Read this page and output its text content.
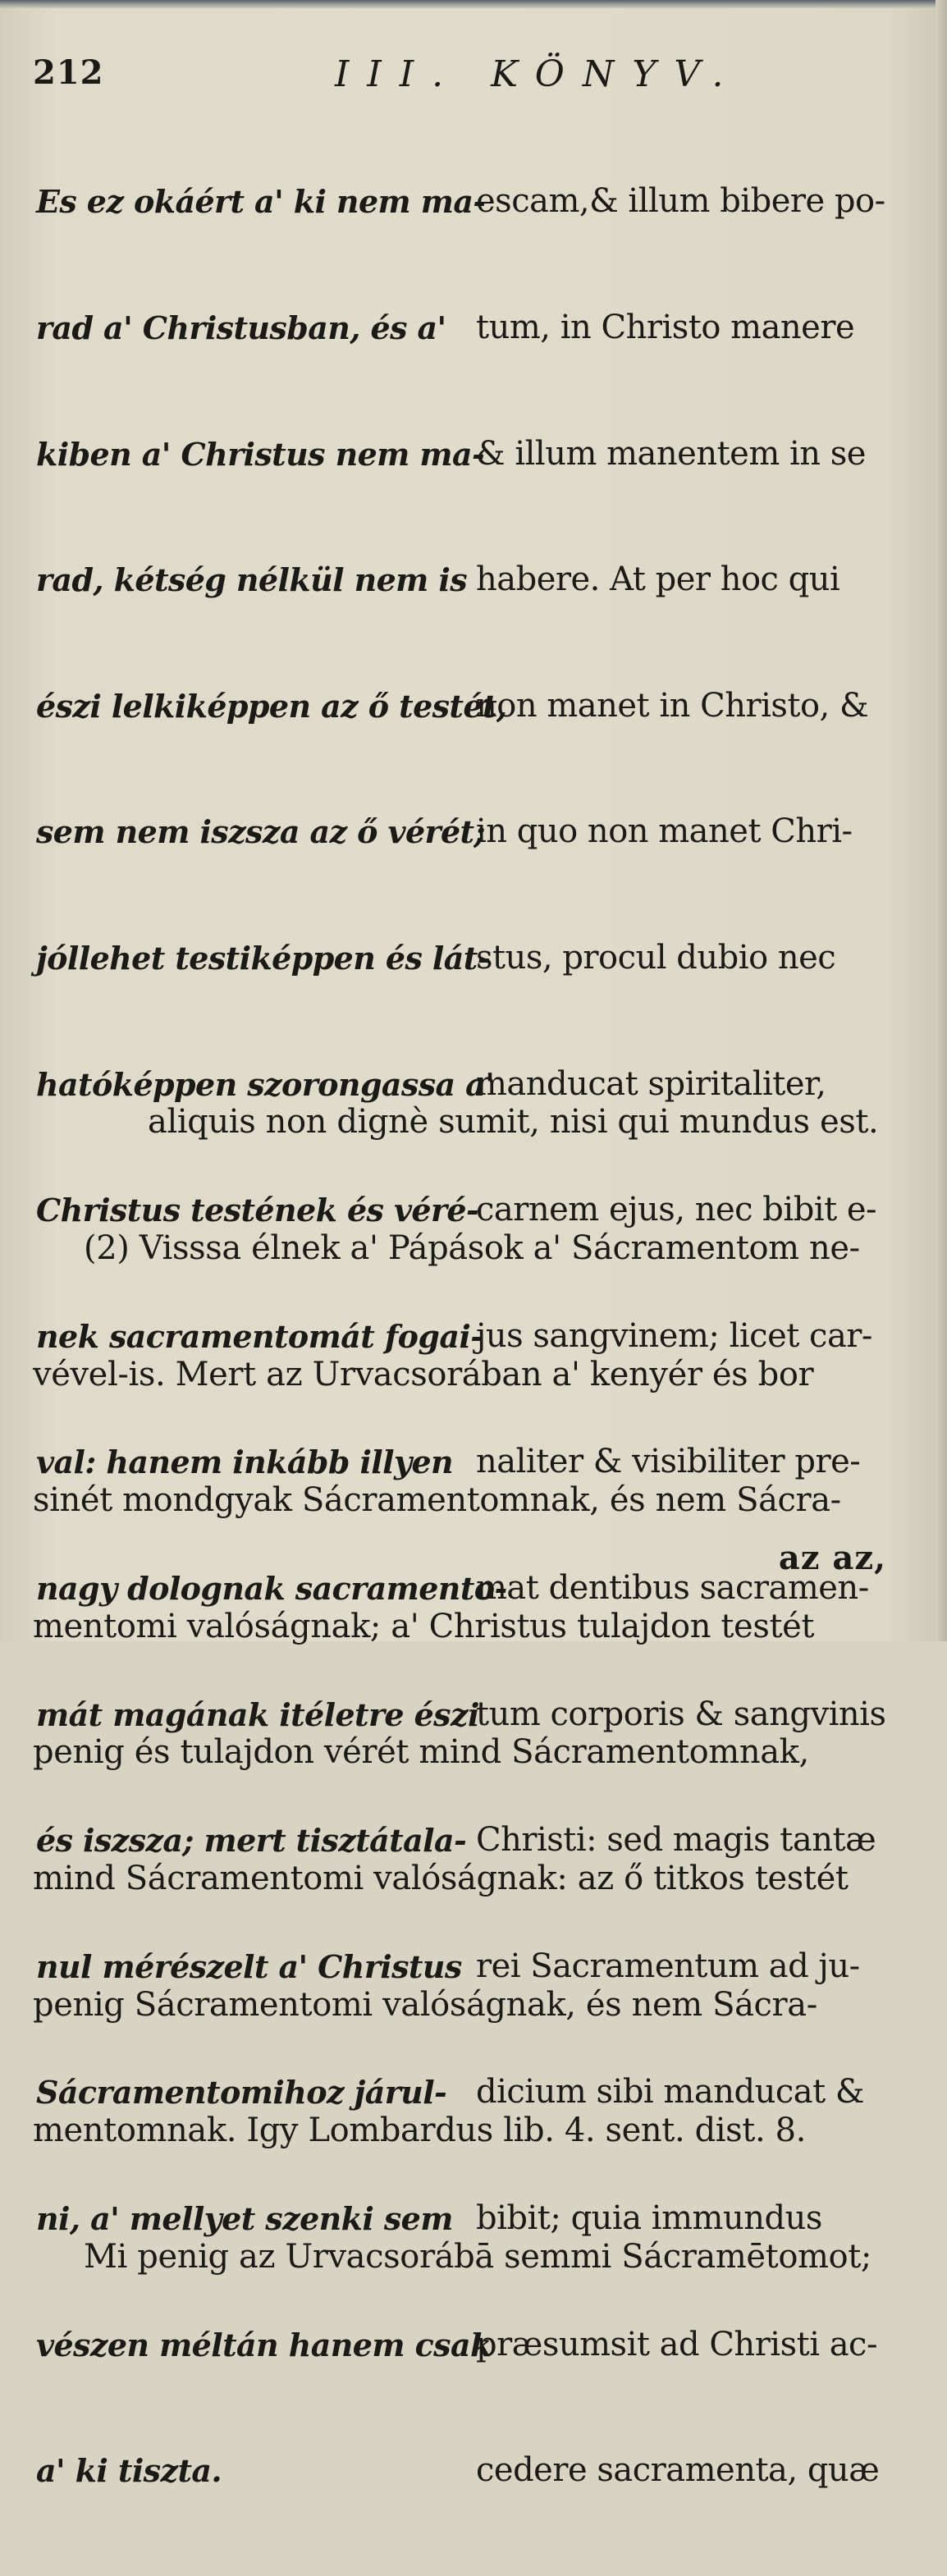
212	III. KÖNYV.

Es ez okáért a' ki nem ma-

rad a' Christusban, és a'

kiben a' Christus nem ma-

rad, kétség nélkül nem is

észi lelkiképpen az ő testét,

sem nem iszsza az ő vérét;

jóllehet testiképpen és lát-

hatóképpen szorongassa a'

Christus testének és véré-

nek sacramentomát fogai-

val: hanem inkább illyen

nagy dolognak sacramento-

mát magának itéletre észi

és iszsza; mert tisztátala-

nul mérészelt a' Christus

Sácramentomihoz járul-

ni, a' mellyet szenki sem

vészen méltán hanem csak

a' ki tiszta.

escam,& illum bibere po-

tum, in Christo manere

& illum manentem in se

habere. At per hoc qui

non manet in Christo, &

in quo non manet Chri-

stus, procul dubio nec

manducat spiritaliter,

carnem ejus, nec bibit e-

jus sangvinem; licet car-

naliter & visibiliter pre-

mat dentibus sacramen-

tum corporis & sangvinis

Christi: sed magis tantæ

rei Sacramentum ad ju-

dicium sibi manducat &

bibit; quia immundus

præsumsit ad Christi ac-

cedere sacramenta, quæ

aliquis non dignè sumit, nisi qui mundus est.

(2) Visssa élnek a' Pápások a' Sácramentom ne-

vével-is. Mert az Urvacsorában a' kenyér és bor

sinét mondgyak Sácramentomnak, és nem Sácra-

mentomi valóságnak; a' Christus tulajdon testét

penig és tulajdon vérét mind Sácramentomnak,

mind Sácramentomi valóságnak: az ő titkos testét

penig Sácramentomi valóságnak, és nem Sácra-

mentomnak. Igy Lombardus lib. 4. sent. dist. 8.

Mi penig az Urvacsorábā semmi Sácramētomot;

az az,
